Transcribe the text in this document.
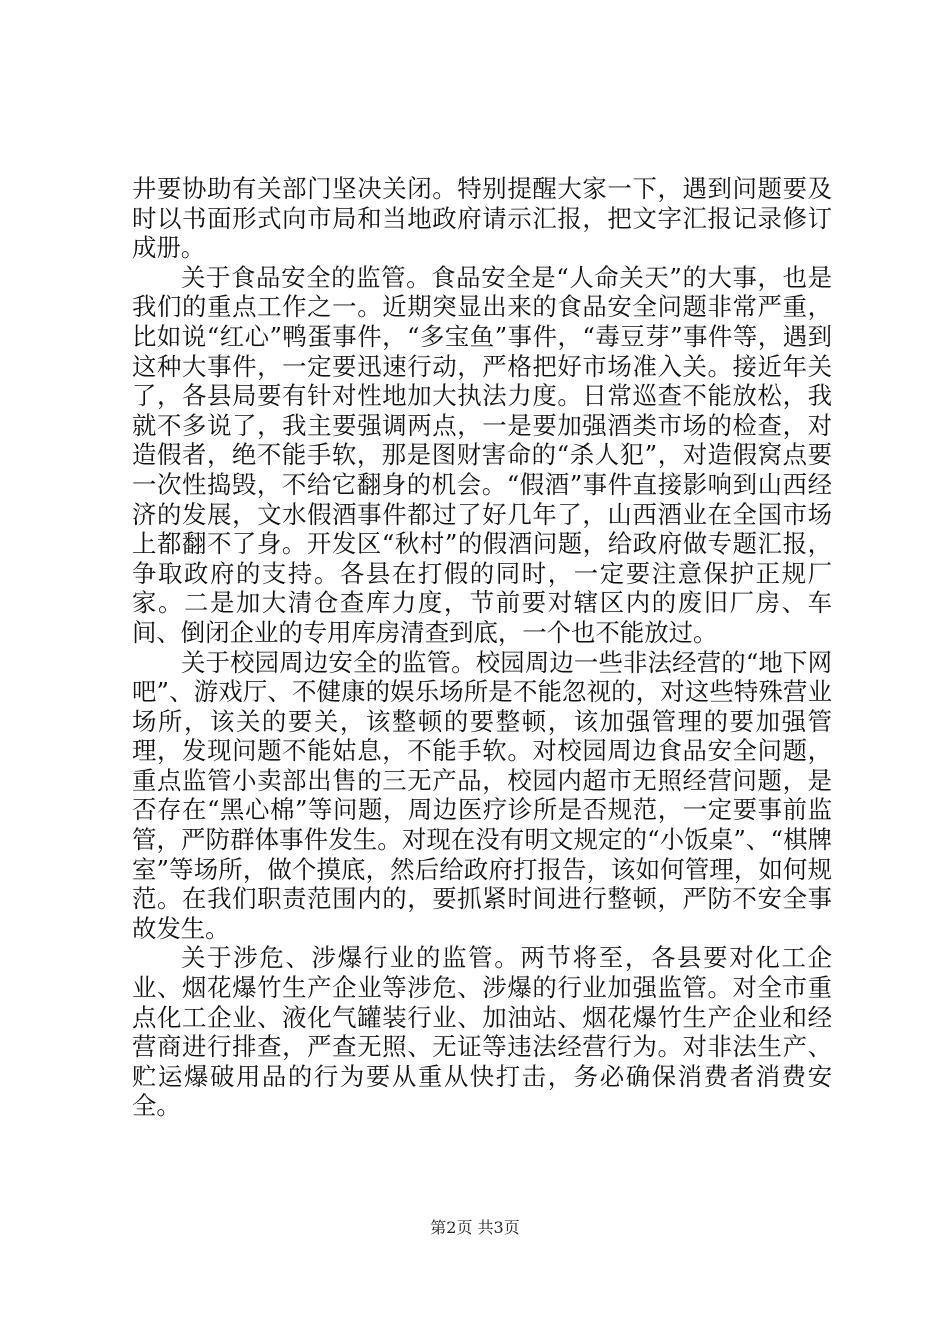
井要协助有关部门坚决关闭。特别提醒大家一下，遇到问题要及时以书面形式向市局和当地政府请示汇报，把文字汇报记录修订成册。

关于食品安全的监管。食品安全是“人命关天”的大事，也是我们的重点工作之一。近期突显出来的食品安全问题非常严重，比如说“红心”鸭蛋事件，“多宝鱼”事件，“毒豆芽”事件等，遇到这种大事件，一定要迅速行动，严格把好市场准入关。接近年关了，各县局要有针对性地加大执法力度。日常巡查不能放松，我就不多说了，我主要强调两点，一是要加强酒类市场的检查，对造假者，绝不能手软，那是图财害命的“杀人犯”，对造假窝点要一次性捣毁，不给它翻身的机会。“假酒”事件直接影响到山西经济的发展，文水假酒事件都过了好几年了，山西酒业在全国市场上都翻不了身。开发区“秋村”的假酒问题，给政府做专题汇报，争取政府的支持。各县在打假的同时，一定要注意保护正规厂家。二是加大清仓查库力度，节前要对辖区内的废旧厂房、车间、倒闭企业的专用库房清查到底，一个也不能放过。

关于校园周边安全的监管。校园周边一些非法经营的“地下网吧”、游戏厅、不健康的娱乐场所是不能忽视的，对这些特殊营业场所，该关的要关，该整顿的要整顿，该加强管理的要加强管理，发现问题不能姑息，不能手软。对校园周边食品安全问题，重点监管小卖部出售的三无产品，校园内超市无照经营问题，是否存在“黑心棉”等问题，周边医疗诊所是否规范，一定要事前监管，严防群体事件发生。对现在没有明文规定的“小饭桌”、“棋牌室”等场所，做个摸底，然后给政府打报告，该如何管理，如何规范。在我们职责范围内的，要抓紧时间进行整顿，严防不安全事故发生。

关于涉危、涉爆行业的监管。两节将至，各县要对化工企业、烟花爆竹生产企业等涉危、涉爆的行业加强监管。对全市重点化工企业、液化气罐装行业、加油站、烟花爆竹生产企业和经营商进行排查，严查无照、无证等违法经营行为。对非法生产、贮运爆破用品的行为要从重从快打击，务必确保消费者消费安全。

第2页 共3页
